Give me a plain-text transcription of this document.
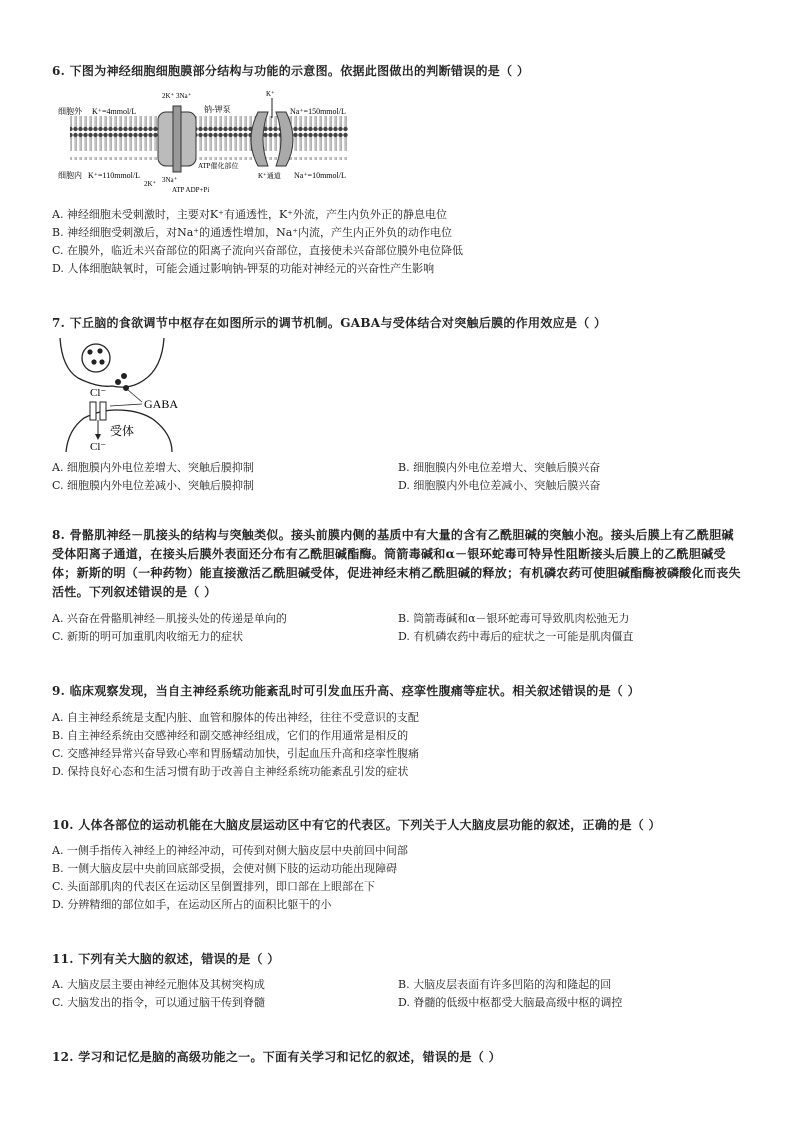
6. 下图为神经细胞细胞膜部分结构与功能的示意图。依据此图做出的判断错误的是（ ）
细胞外
细胞内
K⁺=4mmol/L	Na⁺=150mmol/L
K⁺=110mmol/L	Na⁺=10mmol/L
钠-钾泵
2K⁺ 3Na⁺
ATP催化部位
K⁺通道
K⁺
2K⁺ 3Na⁺
ATP ADP+Pi
A. 神经细胞未受刺激时，主要对K⁺有通透性，K⁺外流，产生内负外正的静息电位
B. 神经细胞受刺激后，对Na⁺的通透性增加，Na⁺内流，产生内正外负的动作电位
C. 在膜外，临近未兴奋部位的阳离子流向兴奋部位，直接使未兴奋部位膜外电位降低
D. 人体细胞缺氧时，可能会通过影响钠-钾泵的功能对神经元的兴奋性产生影响
7. 下丘脑的食欲调节中枢存在如图所示的调节机制。GABA与受体结合对突触后膜的作用效应是（ ）
Cl⁻
GABA
受体
Cl⁻
A. 细胞膜内外电位差增大、突触后膜抑制	B. 细胞膜内外电位差增大、突触后膜兴奋
C. 细胞膜内外电位差减小、突触后膜抑制	D. 细胞膜内外电位差减小、突触后膜兴奋
8. 骨骼肌神经－肌接头的结构与突触类似。接头前膜内侧的基质中有大量的含有乙酰胆碱的突触小泡。接头后膜上有乙酰胆碱受体阳离子通道，在接头后膜外表面还分布有乙酰胆碱酯酶。筒箭毒碱和α－银环蛇毒可特异性阻断接头后膜上的乙酰胆碱受体；新斯的明（一种药物）能直接激活乙酰胆碱受体，促进神经末梢乙酰胆碱的释放；有机磷农药可使胆碱酯酶被磷酸化而丧失活性。下列叙述错误的是（ ）
A. 兴奋在骨骼肌神经－肌接头处的传递是单向的	B. 筒箭毒碱和α－银环蛇毒可导致肌肉松弛无力
C. 新斯的明可加重肌肉收缩无力的症状	D. 有机磷农药中毒后的症状之一可能是肌肉僵直
9. 临床观察发现，当自主神经系统功能紊乱时可引发血压升高、痉挛性腹痛等症状。相关叙述错误的是（ ）
A. 自主神经系统是支配内脏、血管和腺体的传出神经，往往不受意识的支配
B. 自主神经系统由交感神经和副交感神经组成，它们的作用通常是相反的
C. 交感神经异常兴奋导致心率和胃肠蠕动加快，引起血压升高和痉挛性腹痛
D. 保持良好心态和生活习惯有助于改善自主神经系统功能紊乱引发的症状
10. 人体各部位的运动机能在大脑皮层运动区中有它的代表区。下列关于人大脑皮层功能的叙述，正确的是（ ）
A. 一侧手指传入神经上的神经冲动，可传到对侧大脑皮层中央前回中间部
B. 一侧大脑皮层中央前回底部受损，会使对侧下肢的运动功能出现障碍
C. 头面部肌肉的代表区在运动区呈倒置排列，即口部在上眼部在下
D. 分辨精细的部位如手，在运动区所占的面积比躯干的小
11. 下列有关大脑的叙述，错误的是（ ）
A. 大脑皮层主要由神经元胞体及其树突构成	B. 大脑皮层表面有许多凹陷的沟和隆起的回
C. 大脑发出的指令，可以通过脑干传到脊髓	D. 脊髓的低级中枢都受大脑最高级中枢的调控
12. 学习和记忆是脑的高级功能之一。下面有关学习和记忆的叙述，错误的是（ ）
